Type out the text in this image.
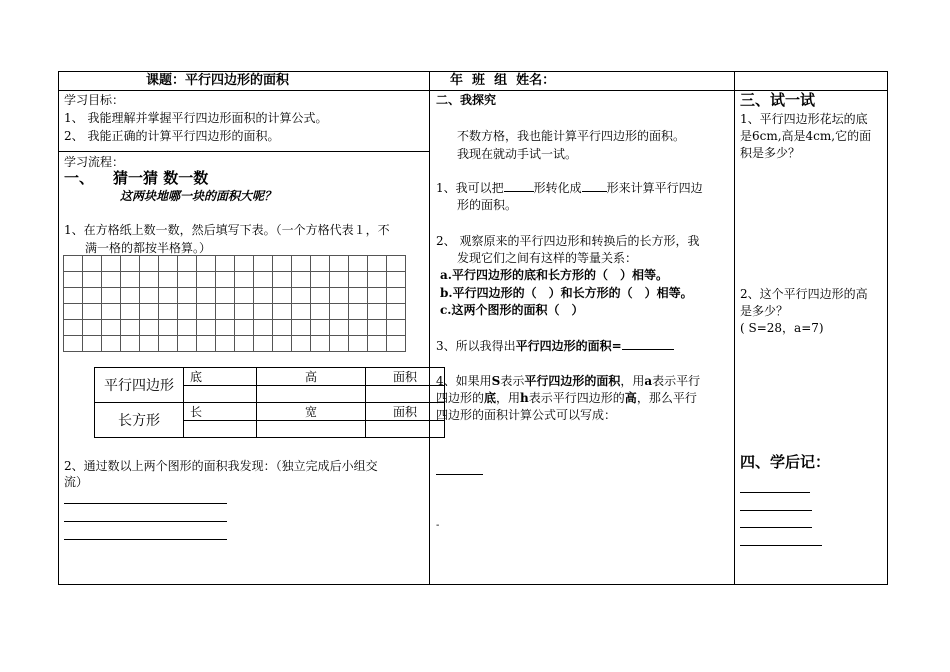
课题：平行四边形的面积	年  班  组  姓名：
学习目标：
1、 我能理解并掌握平行四边形面积的计算公式。
2、 我能正确的计算平行四边形的面积。
学习流程：
一、 猜一猜 数一数
这两块地哪一块的面积大呢？
1、在方格纸上数一数，然后填写下表。（一个方格代表１，不
满一格的都按半格算。）

平行四边形	底	高	面积

长方形	长	宽	面积

2、通过数以上两个图形的面积我发现：（独立完成后小组交
流）
二、我探究
不数方格，我也能计算平行四边形的面积。
我现在就动手试一试。
1、我可以把	形转化成 形来计算平行四边
形的面积。
2、 观察原来的平行四边形和转换后的长方形，我
发现它们之间有这样的等量关系：
a.平行四边形的底和长方形的（　）相等。
b.平行四边形的（　）和长方形的（　）相等。
c.这两个图形的面积（　）
3、所以我得出平行四边形的面积=
4、如果用S表示平行四边形的面积，用a表示平行
四边形的底，用h表示平行四边形的高，那么平行
四边形的面积计算公式可以写成：
-
三、试一试
1、平行四边形花坛的底
是6cm,高是4cm,它的面
积是多少？
2、这个平行四边形的高
是多少？
( S=28，a=7)
四、学后记：
